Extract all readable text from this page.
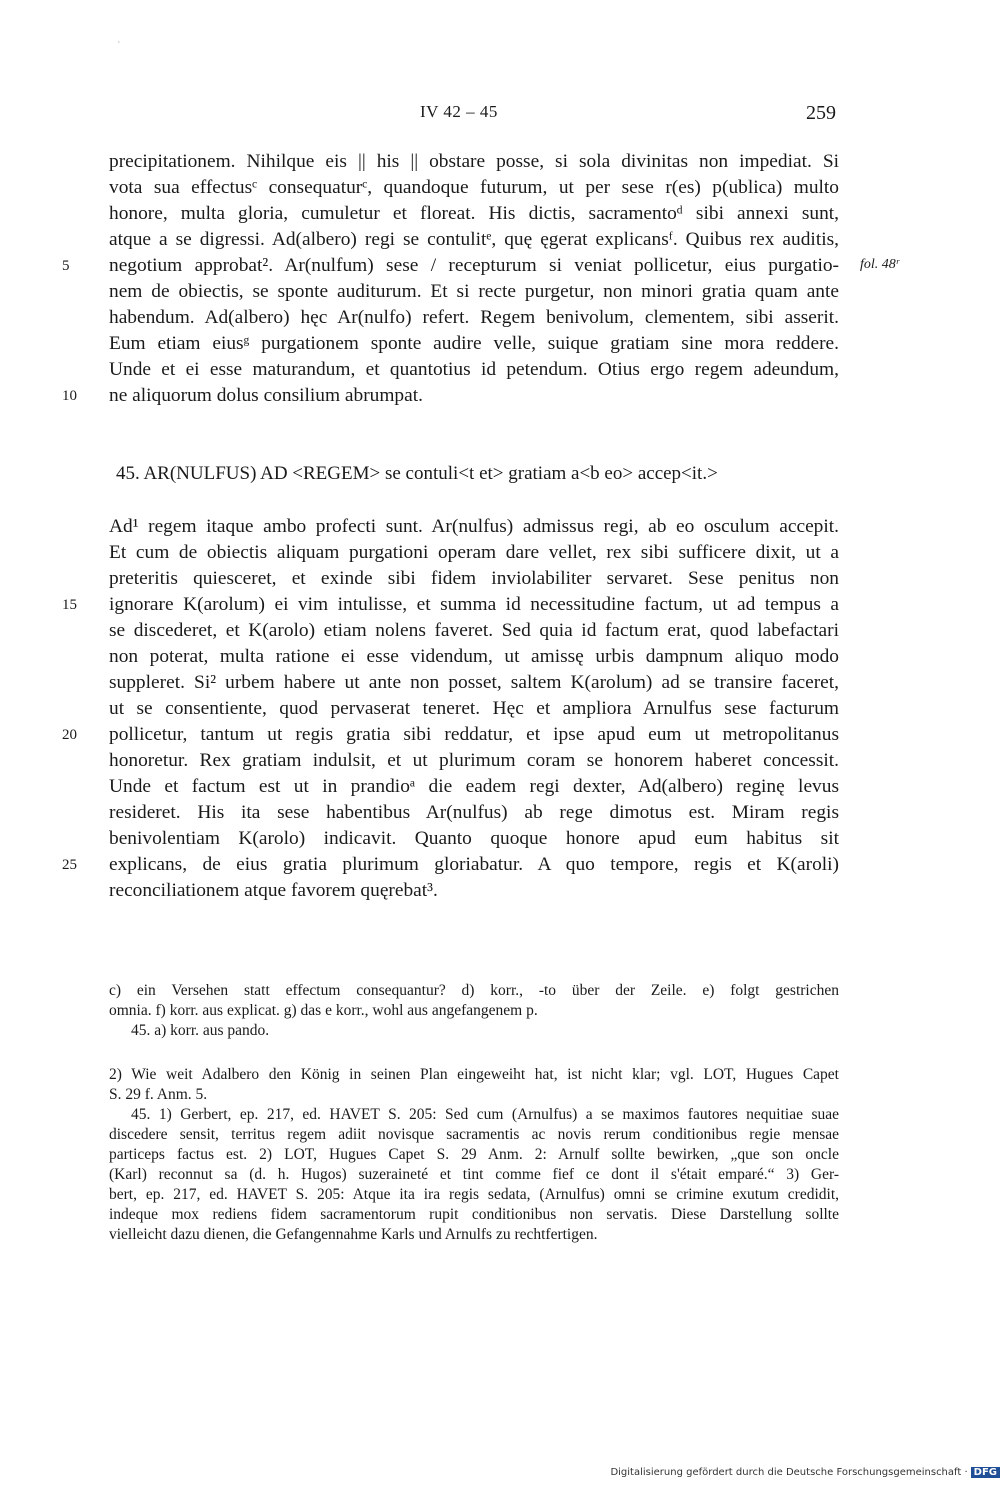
'
IV 42 – 45	259
precipitationem. Nihilque eis || his || obstare posse, si sola divinitas non impediat. Si
vota sua effectusᶜ consequaturᶜ, quandoque futurum, ut per sese r(es) p(ublica) multo
honore, multa gloria, cumuletur et floreat. His dictis, sacramentoᵈ sibi annexi sunt,
atque a se digressi. Ad(albero) regi se contulitᵉ, quę ęgerat explicansᶠ. Quibus rex auditis,
negotium approbat². Ar(nulfum) sese / recepturum si veniat pollicetur, eius purgatio-
nem de obiectis, se sponte auditurum. Et si recte purgetur, non minori gratia quam ante
habendum. Ad(albero) hęc Ar(nulfo) refert. Regem benivolum, clementem, sibi asserit.
Eum etiam eiusᵍ purgationem sponte audire velle, suique gratiam sine mora reddere.
Unde et ei esse maturandum, et quantotius id petendum. Otius ergo regem adeundum,
ne aliquorum dolus consilium abrumpat.
5
10
fol. 48ʳ
45. AR(NULFUS) AD <REGEM> se contuli<t et> gratiam a<b eo> accep<it.>
Ad¹ regem itaque ambo profecti sunt. Ar(nulfus) admissus regi, ab eo osculum accepit.
Et cum de obiectis aliquam purgationi operam dare vellet, rex sibi sufficere dixit, ut a
preteritis quiesceret, et exinde sibi fidem inviolabiliter servaret. Sese penitus non
ignorare K(arolum) ei vim intulisse, et summa id necessitudine factum, ut ad tempus a
se discederet, et K(arolo) etiam nolens faveret. Sed quia id factum erat, quod labefactari
non poterat, multa ratione ei esse videndum, ut amissę urbis dampnum aliquo modo
suppleret. Si² urbem habere ut ante non posset, saltem K(arolum) ad se transire faceret,
ut se consentiente, quod pervaserat teneret. Hęc et ampliora Arnulfus sese facturum
pollicetur, tantum ut regis gratia sibi reddatur, et ipse apud eum ut metropolitanus
honoretur. Rex gratiam indulsit, et ut plurimum coram se honorem haberet concessit.
Unde et factum est ut in prandioᵃ die eadem regi dexter, Ad(albero) reginę levus
resideret. His ita sese habentibus Ar(nulfus) ab rege dimotus est. Miram regis
benivolentiam K(arolo) indicavit. Quanto quoque honore apud eum habitus sit
explicans, de eius gratia plurimum gloriabatur. A quo tempore, regis et K(aroli)
reconciliationem atque favorem quęrebat³.
15
20
25
c) ein Versehen statt effectum consequantur? d) korr., -to über der Zeile. e) folgt gestrichen
omnia. f) korr. aus explicat. g) das e korr., wohl aus angefangenem p.
45. a) korr. aus pando.
2) Wie weit Adalbero den König in seinen Plan eingeweiht hat, ist nicht klar; vgl. LOT, Hugues Capet
S. 29 f. Anm. 5.
45. 1) Gerbert, ep. 217, ed. HAVET S. 205: Sed cum (Arnulfus) a se maximos fautores nequitiae suae
discedere sensit, territus regem adiit novisque sacramentis ac novis rerum conditionibus regie mensae
particeps factus est. 2) LOT, Hugues Capet S. 29 Anm. 2: Arnulf sollte bewirken, „que son oncle
(Karl) reconnut sa (d. h. Hugos) suzeraineté et tint comme fief ce dont il s'était emparé.“ 3) Ger-
bert, ep. 217, ed. HAVET S. 205: Atque ita ira regis sedata, (Arnulfus) omni se crimine exutum credidit,
indeque mox rediens fidem sacramentorum rupit conditionibus non servatis. Diese Darstellung sollte
vielleicht dazu dienen, die Gefangennahme Karls und Arnulfs zu rechtfertigen.
Digitalisierung gefördert durch die Deutsche Forschungsgemeinschaft · DFG
